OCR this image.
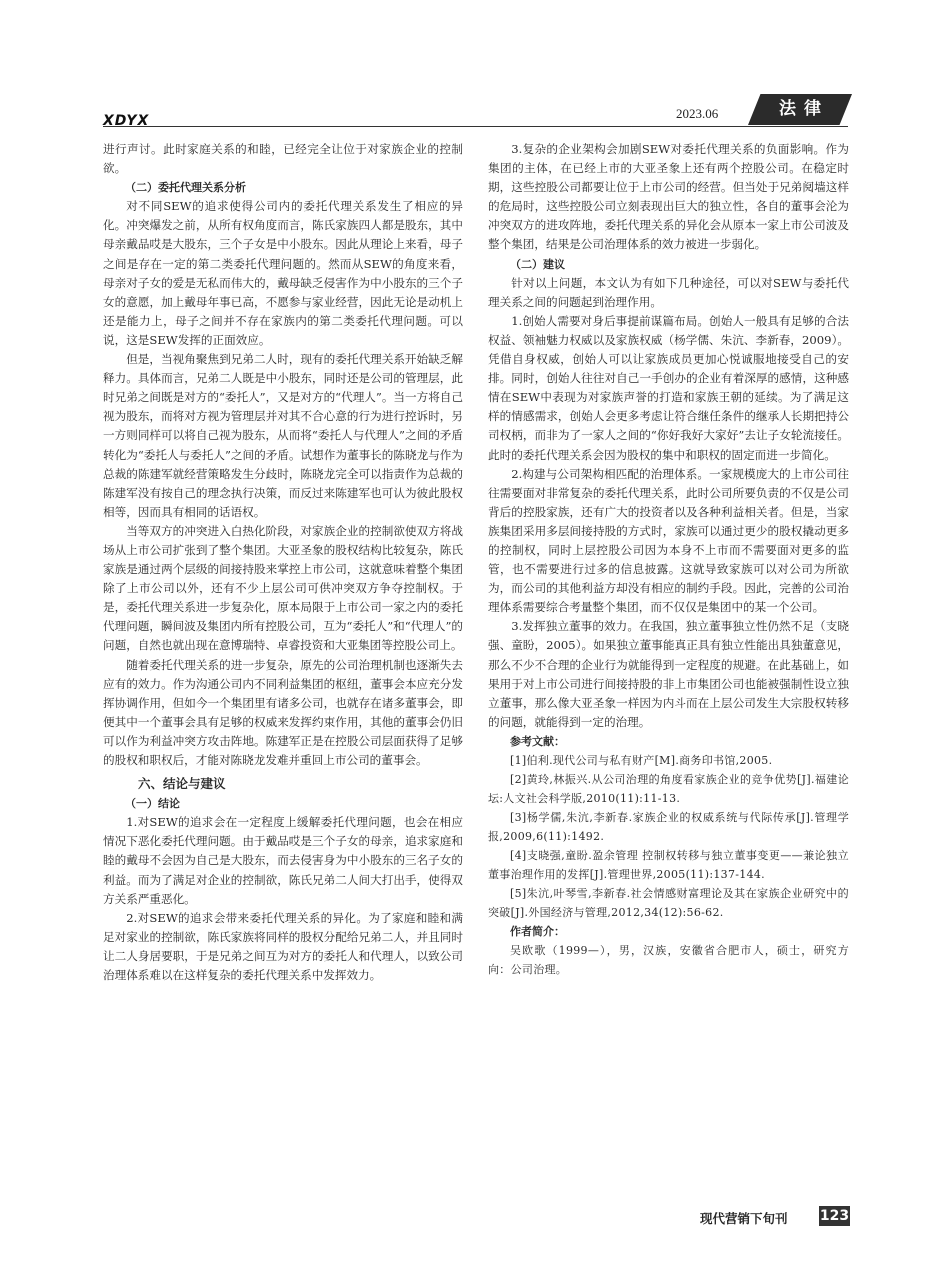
XDYX	2023.06	法律

进行声讨。此时家庭关系的和睦，已经完全让位于对家族企业的控制欲。

（二）委托代理关系分析

对不同SEW的追求使得公司内的委托代理关系发生了相应的异化。冲突爆发之前，从所有权角度而言，陈氏家族四人都是股东，其中母亲戴品哎是大股东，三个子女是中小股东。因此从理论上来看，母子之间是存在一定的第二类委托代理问题的。然而从SEW的角度来看，母亲对子女的爱是无私而伟大的，戴母缺乏侵害作为中小股东的三个子女的意愿，加上戴母年事已高，不愿参与家业经营，因此无论是动机上还是能力上，母子之间并不存在家族内的第二类委托代理问题。可以说，这是SEW发挥的正面效应。

但是，当视角聚焦到兄弟二人时，现有的委托代理关系开始缺乏解释力。具体而言，兄弟二人既是中小股东，同时还是公司的管理层，此时兄弟之间既是对方的“委托人”，又是对方的“代理人”。当一方将自己视为股东，而将对方视为管理层并对其不合心意的行为进行控诉时，另一方则同样可以将自己视为股东，从而将“委托人与代理人”之间的矛盾转化为“委托人与委托人”之间的矛盾。试想作为董事长的陈晓龙与作为总裁的陈建军就经营策略发生分歧时，陈晓龙完全可以指责作为总裁的陈建军没有按自己的理念执行决策，而反过来陈建军也可认为彼此股权相等，因而具有相同的话语权。

当等双方的冲突进入白热化阶段，对家族企业的控制欲使双方将战场从上市公司扩张到了整个集团。大亚圣象的股权结构比较复杂，陈氏家族是通过两个层级的间接持股来掌控上市公司，这就意味着整个集团除了上市公司以外，还有不少上层公司可供冲突双方争夺控制权。于是，委托代理关系进一步复杂化，原本局限于上市公司一家之内的委托代理问题，瞬间波及集团内所有控股公司，互为“委托人”和“代理人”的问题，自然也就出现在意博瑞特、卓睿投资和大亚集团等控股公司上。

随着委托代理关系的进一步复杂，原先的公司治理机制也逐渐失去应有的效力。作为沟通公司内不同利益集团的枢纽，董事会本应充分发挥协调作用，但如今一个集团里有诸多公司，也就存在诸多董事会，即便其中一个董事会具有足够的权威来发挥约束作用，其他的董事会仍旧可以作为利益冲突方攻击阵地。陈建军正是在控股公司层面获得了足够的股权和职权后，才能对陈晓龙发难并重回上市公司的董事会。

六、结论与建议

（一）结论

1.对SEW的追求会在一定程度上缓解委托代理问题，也会在相应情况下恶化委托代理问题。由于戴品哎是三个子女的母亲，追求家庭和睦的戴母不会因为自己是大股东，而去侵害身为中小股东的三名子女的利益。而为了满足对企业的控制欲，陈氏兄弟二人间大打出手，使得双方关系严重恶化。

2.对SEW的追求会带来委托代理关系的异化。为了家庭和睦和满足对家业的控制欲，陈氏家族将同样的股权分配给兄弟二人，并且同时让二人身居要职，于是兄弟之间互为对方的委托人和代理人，以致公司治理体系难以在这样复杂的委托代理关系中发挥效力。

3.复杂的企业架构会加剧SEW对委托代理关系的负面影响。作为集团的主体，在已经上市的大亚圣象上还有两个控股公司。在稳定时期，这些控股公司都要让位于上市公司的经营。但当处于兄弟阋墙这样的危局时，这些控股公司立刻表现出巨大的独立性，各自的董事会沦为冲突双方的进攻阵地，委托代理关系的异化会从原本一家上市公司波及整个集团，结果是公司治理体系的效力被进一步弱化。

（二）建议

针对以上问题，本文认为有如下几种途径，可以对SEW与委托代理关系之间的问题起到治理作用。

1.创始人需要对身后事提前谋篇布局。创始人一般具有足够的合法权益、领袖魅力权威以及家族权威（杨学儒、朱沆、李新春，2009）。凭借自身权威，创始人可以让家族成员更加心悦诚服地接受自己的安排。同时，创始人往往对自己一手创办的企业有着深厚的感情，这种感情在SEW中表现为对家族声誉的打造和家族王朝的延续。为了满足这样的情感需求，创始人会更多考虑让符合继任条件的继承人长期把持公司权柄，而非为了一家人之间的“你好我好大家好”去让子女轮流接任。此时的委托代理关系会因为股权的集中和职权的固定而进一步简化。

2.构建与公司架构相匹配的治理体系。一家规模庞大的上市公司往往需要面对非常复杂的委托代理关系，此时公司所要负责的不仅是公司背后的控股家族，还有广大的投资者以及各种利益相关者。但是，当家族集团采用多层间接持股的方式时，家族可以通过更少的股权撬动更多的控制权，同时上层控股公司因为本身不上市而不需要面对更多的监管，也不需要进行过多的信息披露。这就导致家族可以对公司为所欲为，而公司的其他利益方却没有相应的制约手段。因此，完善的公司治理体系需要综合考量整个集团，而不仅仅是集团中的某一个公司。

3.发挥独立董事的效力。在我国，独立董事独立性仍然不足（支晓强、童盼，2005）。如果独立董事能真正具有独立性能出具独董意见，那么不少不合理的企业行为就能得到一定程度的规避。在此基础上，如果用于对上市公司进行间接持股的非上市集团公司也能被强制性设立独立董事，那么像大亚圣象一样因为内斗而在上层公司发生大宗股权转移的问题，就能得到一定的治理。

参考文献：

[1]伯利.现代公司与私有财产[M].商务印书馆,2005.

[2]黄玲,林振兴.从公司治理的角度看家族企业的竞争优势[J].福建论坛:人文社会科学版,2010(11):11-13.

[3]杨学儒,朱沆,李新春.家族企业的权威系统与代际传承[J].管理学报,2009,6(11):1492.

[4]支晓强,童盼.盈余管理 控制权转移与独立董事变更——兼论独立董事治理作用的发挥[J].管理世界,2005(11):137-144.

[5]朱沆,叶琴雪,李新春.社会情感财富理论及其在家族企业研究中的突破[J].外国经济与管理,2012,34(12):56-62.

作者简介：

吴欧歌（1999—），男，汉族，安徽省合肥市人，硕士，研究方向：公司治理。

现代营销下旬刊 123
